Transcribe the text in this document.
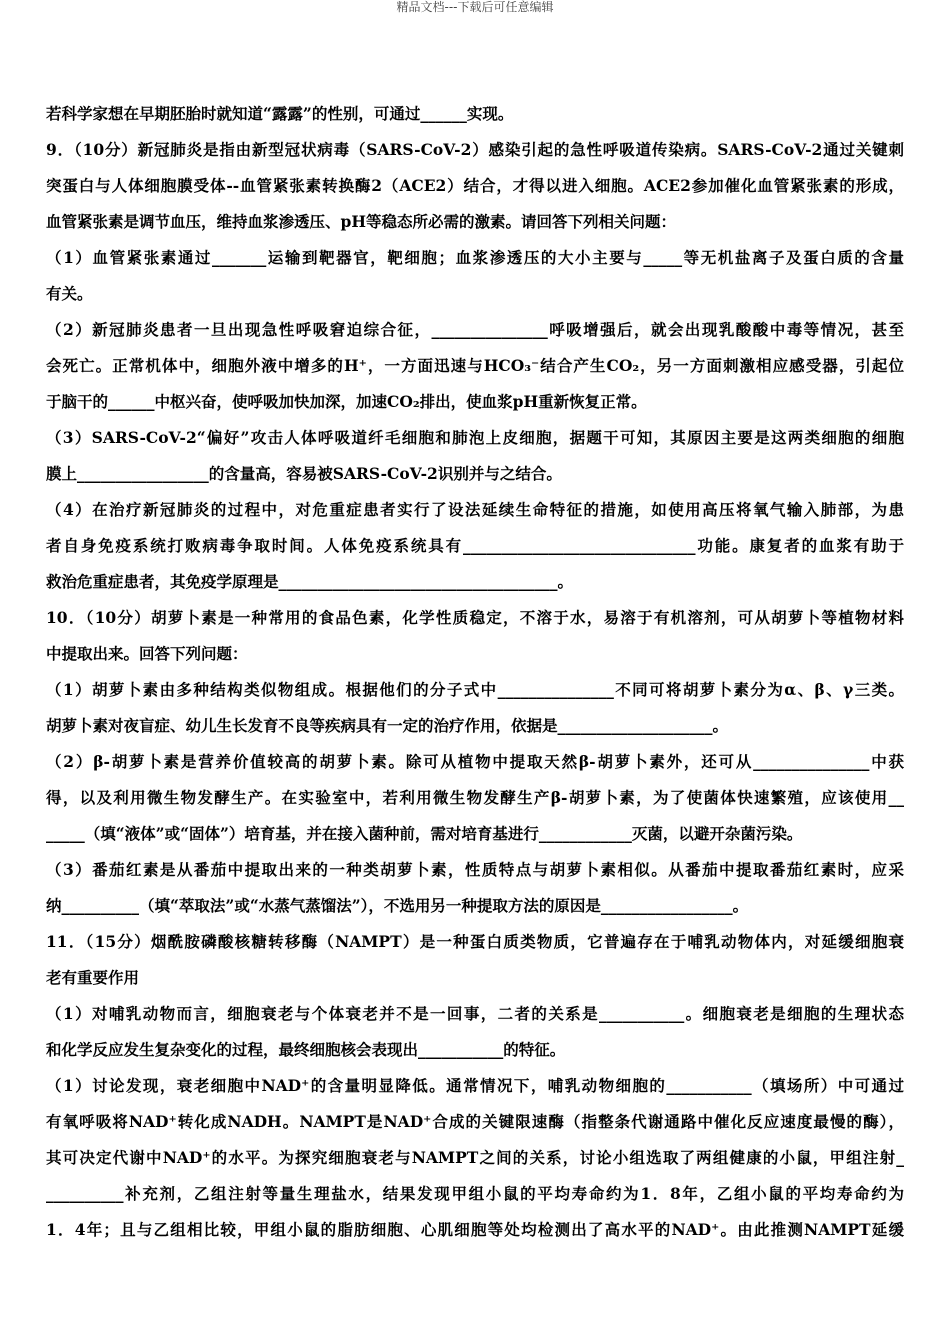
精品文档---下载后可任意编辑
若科学家想在早期胚胎时就知道“露露”的性别，可通过______实现。
9．（10分）新冠肺炎是指由新型冠状病毒（SARS-CoV-2）感染引起的急性呼吸道传染病。SARS-CoV-2通过关键刺
突蛋白与人体细胞膜受体--血管紧张素转换酶2（ACE2）结合，才得以进入细胞。ACE2参加催化血管紧张素的形成，
血管紧张素是调节血压，维持血浆渗透压、pH等稳态所必需的激素。请回答下列相关问题：
（1）血管紧张素通过_______运输到靶器官，靶细胞；血浆渗透压的大小主要与_____等无机盐离子及蛋白质的含量
有关。
（2）新冠肺炎患者一旦出现急性呼吸窘迫综合征，_______________呼吸增强后，就会出现乳酸酸中毒等情况，甚至
会死亡。正常机体中，细胞外液中增多的H⁺，一方面迅速与HCO₃⁻结合产生CO₂，另一方面刺激相应感受器，引起位
于脑干的______中枢兴奋，使呼吸加快加深，加速CO₂排出，使血浆pH重新恢复正常。
（3）SARS-CoV-2“偏好”攻击人体呼吸道纤毛细胞和肺泡上皮细胞，据题干可知，其原因主要是这两类细胞的细胞
膜上_________________的含量高，容易被SARS-CoV-2识别并与之结合。
（4）在治疗新冠肺炎的过程中，对危重症患者实行了设法延续生命特征的措施，如使用高压将氧气输入肺部，为患
者自身免疫系统打败病毒争取时间。人体免疫系统具有______________________________功能。康复者的血浆有助于
救治危重症患者，其免疫学原理是____________________________________。
10．（10分）胡萝卜素是一种常用的食品色素，化学性质稳定，不溶于水，易溶于有机溶剂，可从胡萝卜等植物材料
中提取出来。回答下列问题：
（1）胡萝卜素由多种结构类似物组成。根据他们的分子式中_______________不同可将胡萝卜素分为α、β、γ三类。
胡萝卜素对夜盲症、幼儿生长发育不良等疾病具有一定的治疗作用，依据是____________________。
（2）β-胡萝卜素是营养价值较高的胡萝卜素。除可从植物中提取天然β-胡萝卜素外，还可从_______________中获
得，以及利用微生物发酵生产。在实验室中，若利用微生物发酵生产β-胡萝卜素，为了使菌体快速繁殖，应该使用__
_____（填“液体”或“固体”）培育基，并在接入菌种前，需对培育基进行____________灭菌，以避开杂菌污染。
（3）番茄红素是从番茄中提取出来的一种类胡萝卜素，性质特点与胡萝卜素相似。从番茄中提取番茄红素时，应采
纳__________（填“萃取法”或“水蒸气蒸馏法”），不选用另一种提取方法的原因是_________________。
11．（15分）烟酰胺磷酸核糖转移酶（NAMPT）是一种蛋白质类物质，它普遍存在于哺乳动物体内，对延缓细胞衰
老有重要作用
（1）对哺乳动物而言，细胞衰老与个体衰老并不是一回事，二者的关系是___________。细胞衰老是细胞的生理状态
和化学反应发生复杂变化的过程，最终细胞核会表现出___________的特征。
（1）讨论发现，衰老细胞中NAD⁺的含量明显降低。通常情况下，哺乳动物细胞的___________（填场所）中可通过
有氧呼吸将NAD⁺转化成NADH。NAMPT是NAD⁺合成的关键限速酶（指整条代谢通路中催化反应速度最慢的酶），
其可决定代谢中NAD⁺的水平。为探究细胞衰老与NAMPT之间的关系，讨论小组选取了两组健康的小鼠，甲组注射_
__________补充剂，乙组注射等量生理盐水，结果发现甲组小鼠的平均寿命约为1．8年，乙组小鼠的平均寿命约为
1．4年；且与乙组相比较，甲组小鼠的脂肪细胞、心肌细胞等处均检测出了高水平的NAD⁺。由此推测NAMPT延缓
